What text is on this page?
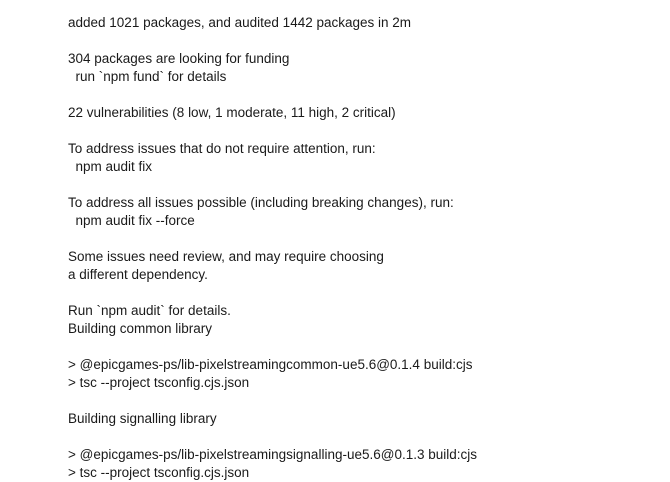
added 1021 packages, and audited 1442 packages in 2m
304 packages are looking for funding
run `npm fund` for details
22 vulnerabilities (8 low, 1 moderate, 11 high, 2 critical)
To address issues that do not require attention, run:
npm audit fix
To address all issues possible (including breaking changes), run:
npm audit fix --force
Some issues need review, and may require choosing
a different dependency.
Run `npm audit` for details.
Building common library
> @epicgames-ps/lib-pixelstreamingcommon-ue5.6@0.1.4 build:cjs
> tsc --project tsconfig.cjs.json
Building signalling library
> @epicgames-ps/lib-pixelstreamingsignalling-ue5.6@0.1.3 build:cjs
> tsc --project tsconfig.cjs.json
